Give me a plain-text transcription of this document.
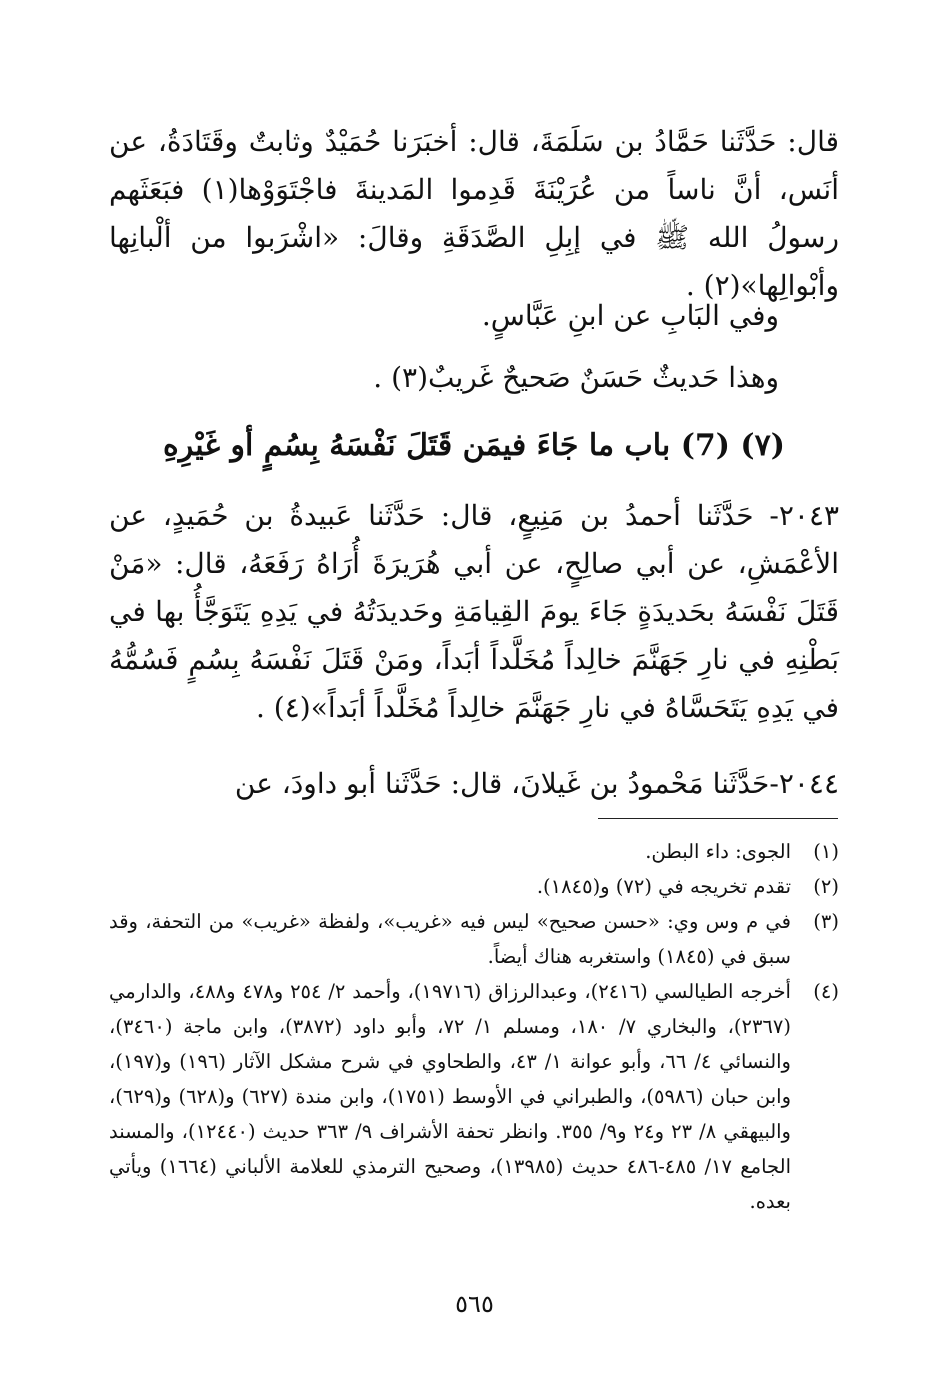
قال: حَدَّثَنا حَمَّادُ بن سَلَمَةَ، قال: أخبَرَنا حُمَيْدٌ وثابتٌ وقَتَادَةُ، عن أنَس، أنَّ ناساً من عُرَيْنَةَ قَدِموا المَدينةَ فاجْتَوَوْها(١) فبَعَثَهم رسولُ الله ﷺ في إبِلِ الصَّدَقَةِ وقالَ: «اشْرَبوا من ألْبانِها وأبْوالِها»(٢) .
وفي البَابِ عن ابنِ عَبَّاسٍ.
وهذا حَديثٌ حَسَنٌ صَحيحٌ غَريبٌ(٣) .
(٧) (7) باب ما جَاءَ فيمَن قَتَلَ نَفْسَهُ بِسُمٍ أو غَيْرِهِ
٢٠٤٣- حَدَّثَنا أحمدُ بن مَنِيعٍ، قال: حَدَّثَنا عَبيدةُ بن حُمَيدٍ، عن الأعْمَشِ، عن أبي صالِحٍ، عن أبي هُرَيرَةَ أُرَاهُ رَفَعَهُ، قال: «مَنْ قَتَلَ نَفْسَهُ بحَديدَةٍ جَاءَ يومَ القِيامَةِ وحَديدَتُهُ في يَدِهِ يَتَوَجَّأُ بها في بَطْنِهِ في نارِ جَهَنَّمَ خالِداً مُخَلَّداً أبَداً، ومَنْ قَتَلَ نَفْسَهُ بِسُمٍ فَسُمُّهُ في يَدِهِ يَتَحَسَّاهُ في نارِ جَهَنَّمَ خالِداً مُخَلَّداً أبَداً»(٤) .
٢٠٤٤-حَدَّثَنا مَحْمودُ بن غَيلانَ، قال: حَدَّثَنا أبو داودَ، عن
(١)
الجوى: داء البطن.
(٢)
تقدم تخريجه في (٧٢) و(١٨٤٥).
(٣)
في م وس وي: «حسن صحيح» ليس فيه «غريب»، ولفظة «غريب» من التحفة، وقد سبق في (١٨٤٥) واستغربه هناك أيضاً.
(٤)
أخرجه الطيالسي (٢٤١٦)، وعبدالرزاق (١٩٧١٦)، وأحمد ٢/ ٢٥٤ و٤٧٨ و٤٨٨، والدارمي (٢٣٦٧)، والبخاري ٧/ ١٨٠، ومسلم ١/ ٧٢، وأبو داود (٣٨٧٢)، وابن ماجة (٣٤٦٠)، والنسائي ٤/ ٦٦، وأبو عوانة ١/ ٤٣، والطحاوي في شرح مشكل الآثار (١٩٦) و(١٩٧)، وابن حبان (٥٩٨٦)، والطبراني في الأوسط (١٧٥١)، وابن مندة (٦٢٧) و(٦٢٨) و(٦٢٩)، والبيهقي ٨/ ٢٣ و٢٤ و٩/ ٣٥٥. وانظر تحفة الأشراف ٩/ ٣٦٣ حديث (١٢٤٤٠)، والمسند الجامع ١٧/ ٤٨٥-٤٨٦ حديث (١٣٩٨٥)، وصحيح الترمذي للعلامة الألباني (١٦٦٤) ويأتي بعده.
٥٦٥
